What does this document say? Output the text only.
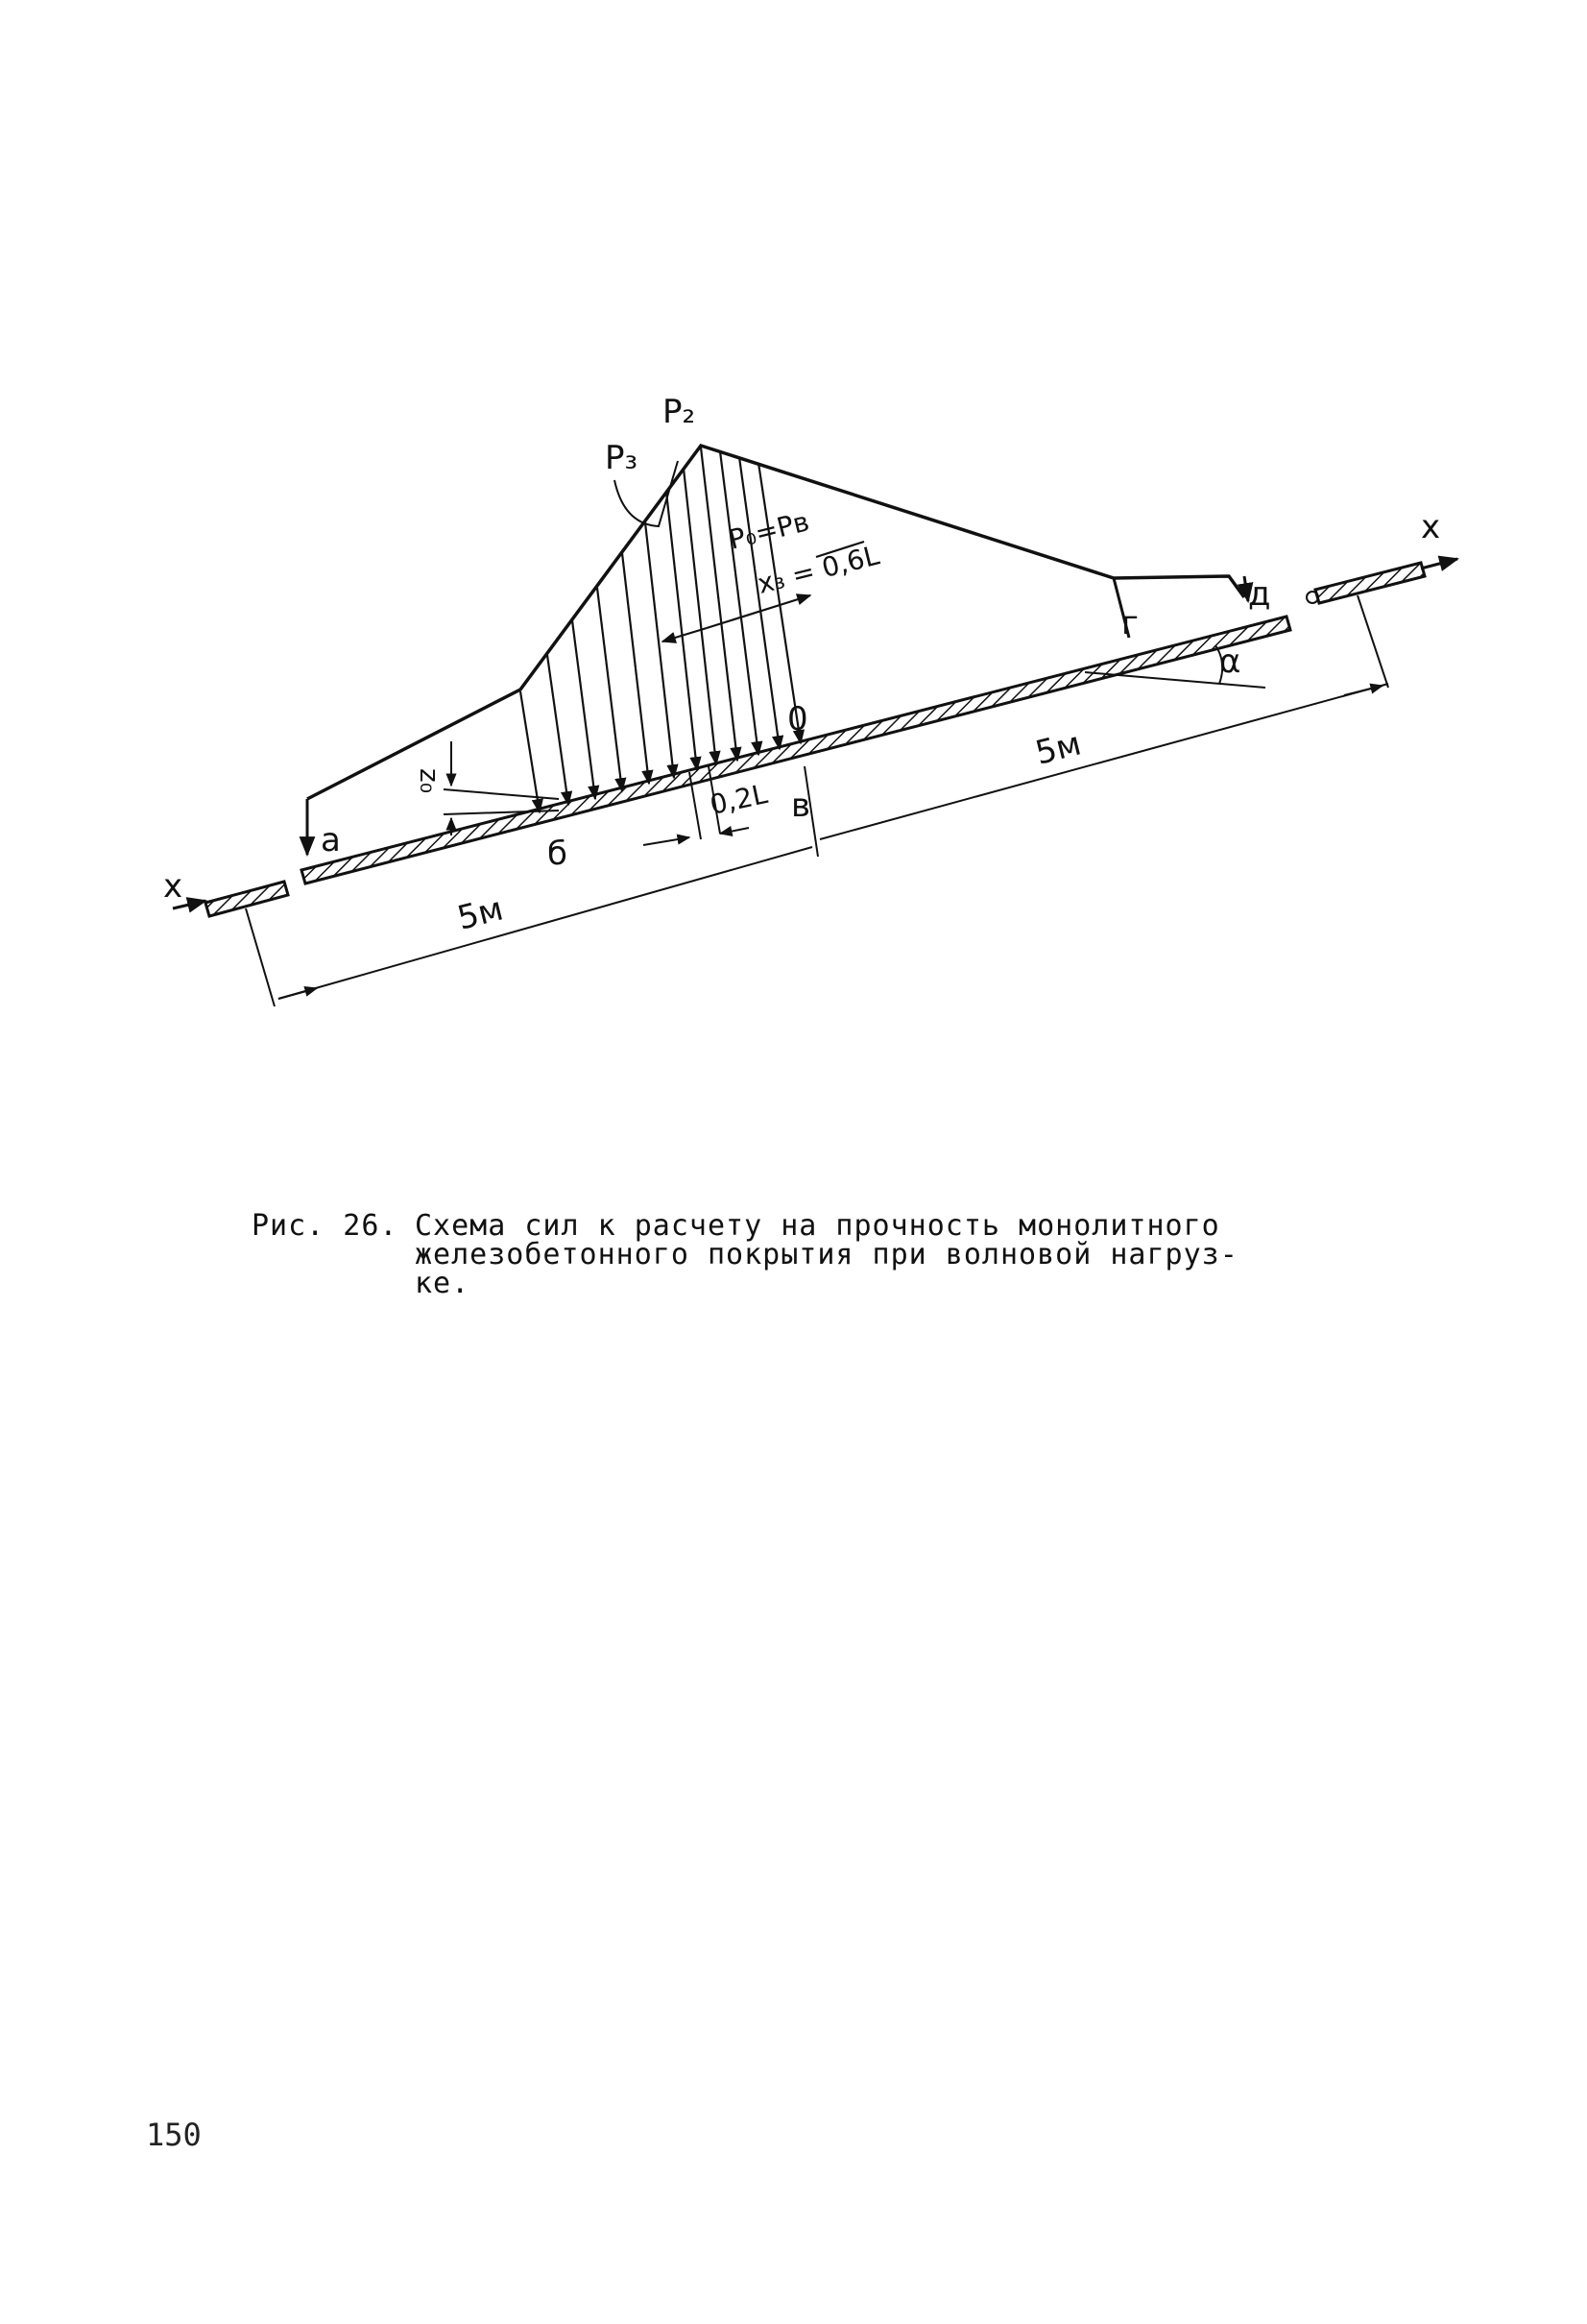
P₂
P₃
P₀=Pв
x₃ = 0,6L
x
x
а	б
в
0
г
д
α
z₀	0,2L
5м
5м
Рис. 26. Схема сил к расчету на прочность монолитного
железобетонного покрытия при волновой нагруз-
ке.
150
